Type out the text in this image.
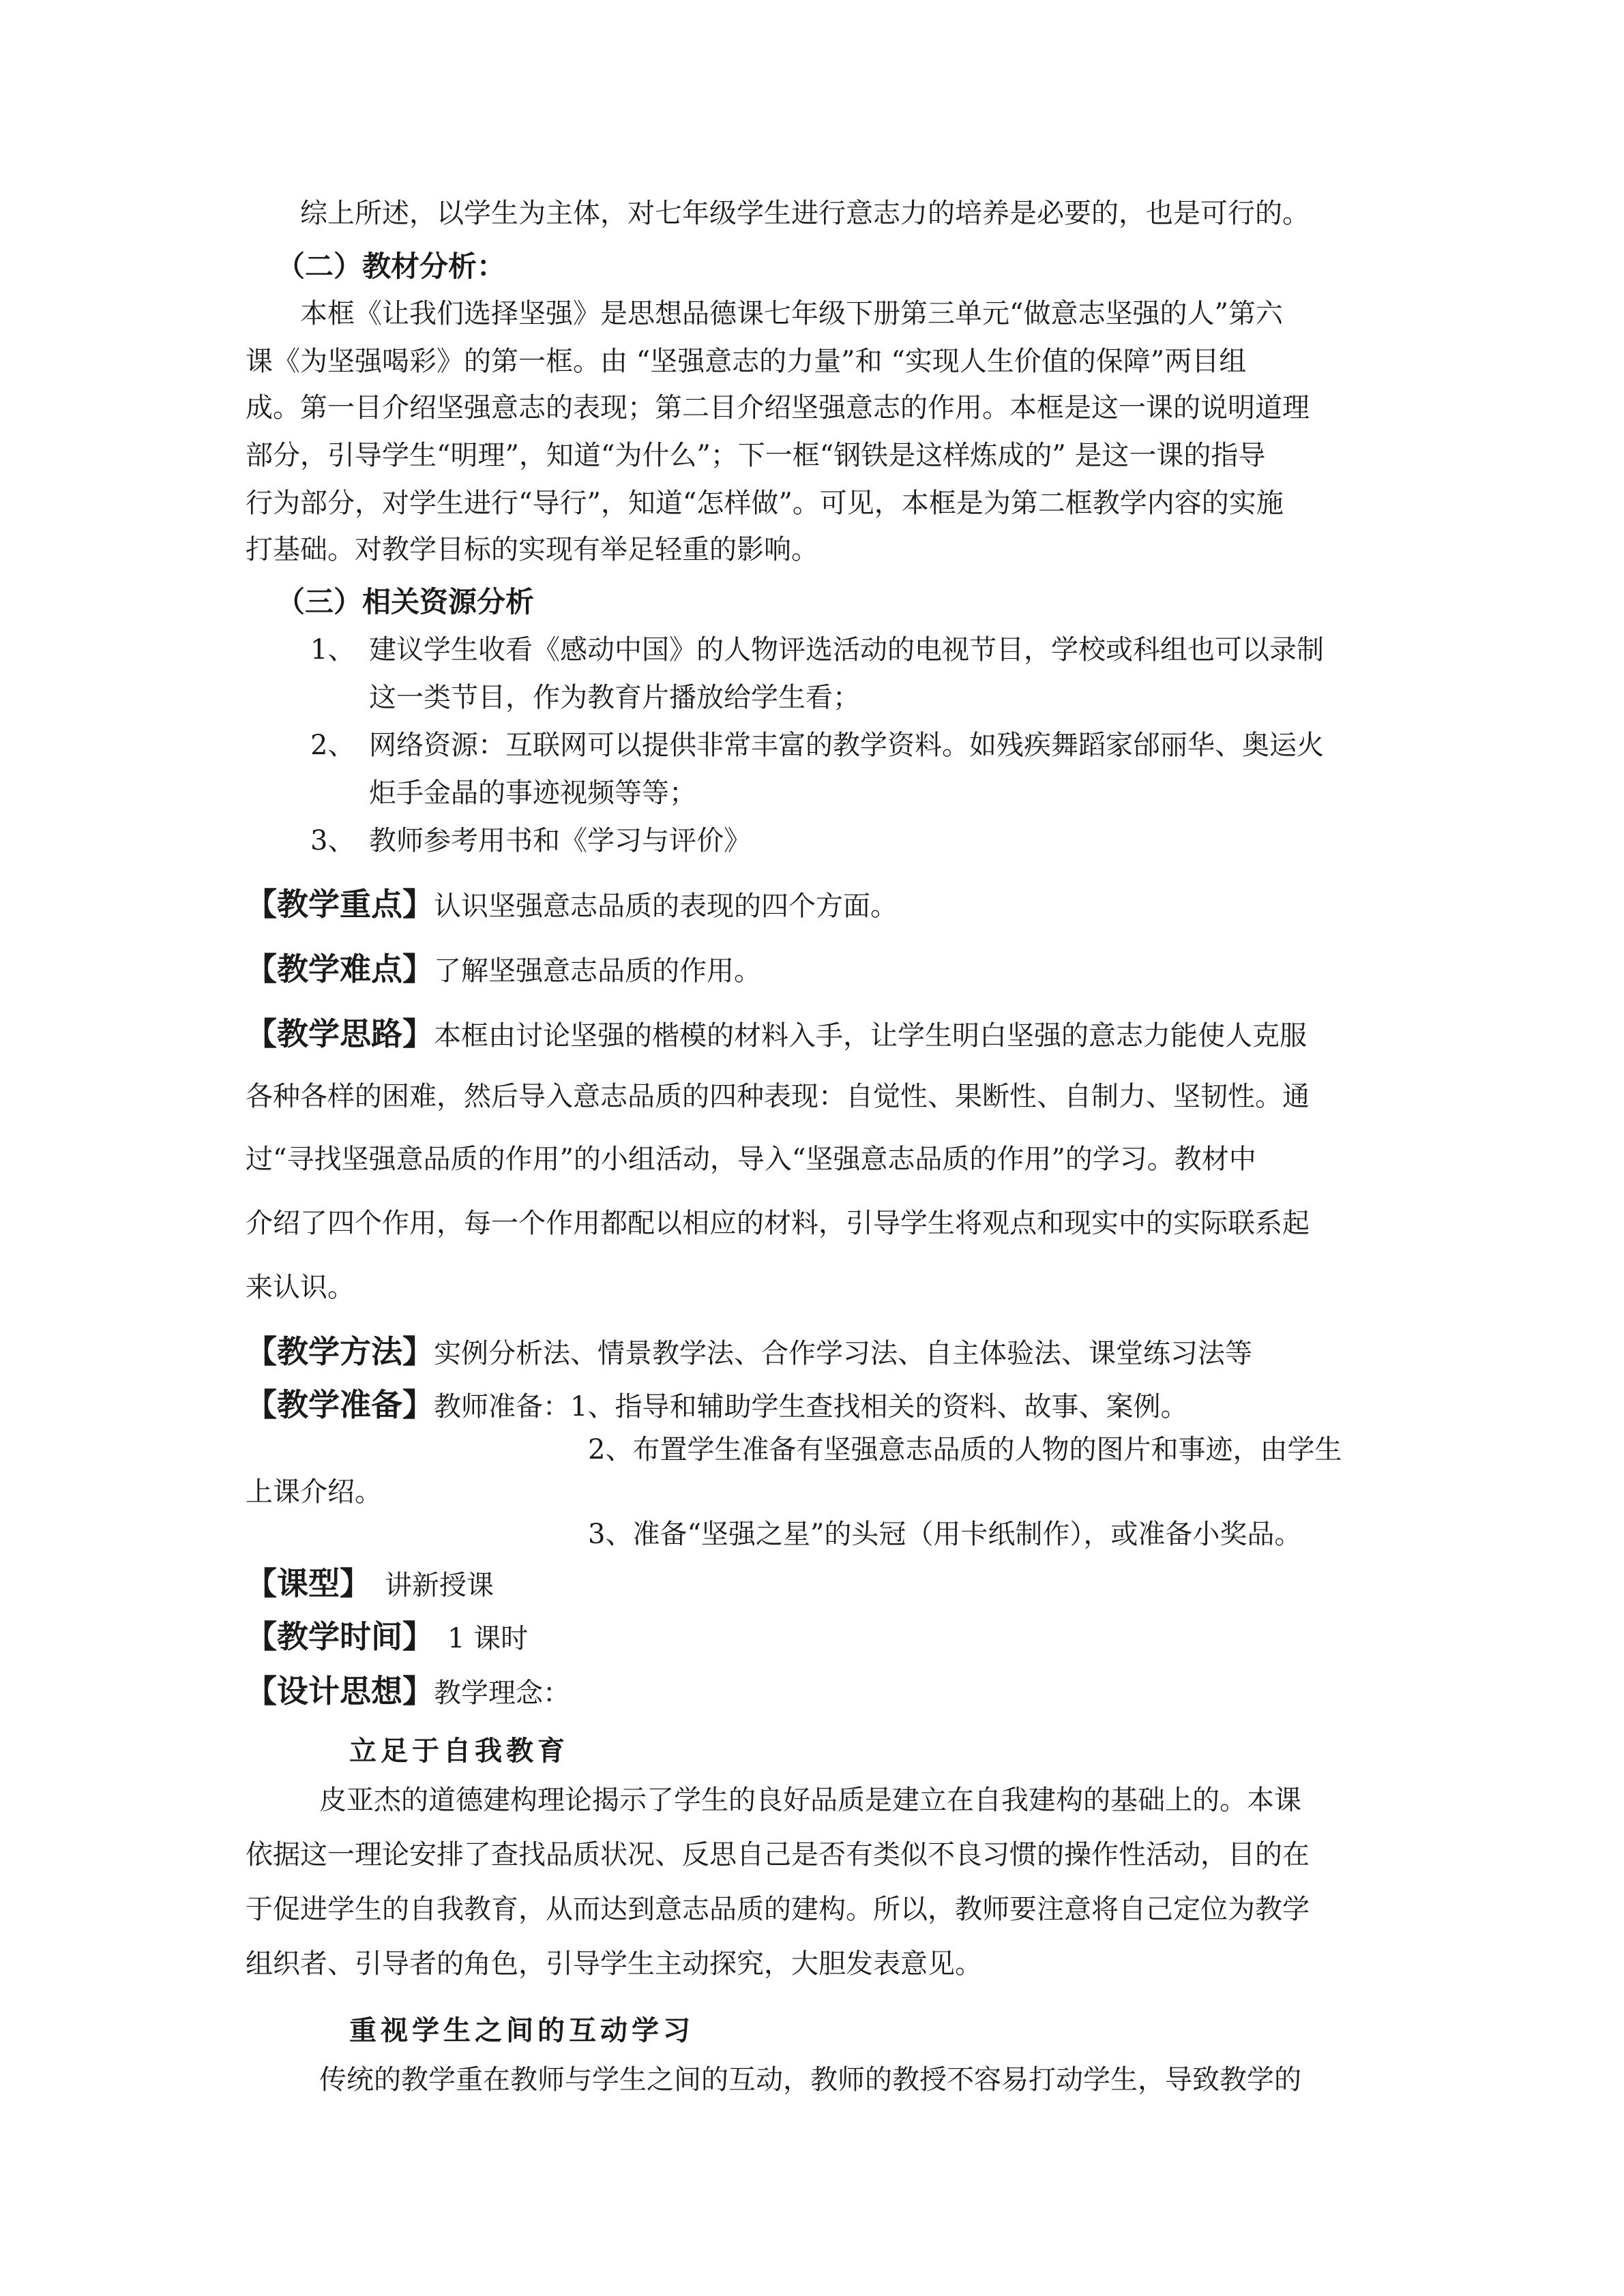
综上所述，以学生为主体，对七年级学生进行意志力的培养是必要的，也是可行的。

（二）教材分析：

本框《让我们选择坚强》是思想品德课七年级下册第三单元“做意志坚强的人”第六

课《为坚强喝彩》的第一框。由 “坚强意志的力量”和 “实现人生价值的保障”两目组

成。第一目介绍坚强意志的表现；第二目介绍坚强意志的作用。本框是这一课的说明道理

部分，引导学生“明理”，知道“为什么”；下一框“钢铁是这样炼成的” 是这一课的指导

行为部分，对学生进行“导行”，知道“怎样做”。可见，本框是为第二框教学内容的实施

打基础。对教学目标的实现有举足轻重的影响。

（三）相关资源分析

1、 建议学生收看《感动中国》的人物评选活动的电视节目，学校或科组也可以录制

这一类节目，作为教育片播放给学生看；

2、 网络资源：互联网可以提供非常丰富的教学资料。如残疾舞蹈家邰丽华、奥运火

炬手金晶的事迹视频等等；

3、 教师参考用书和《学习与评价》

【教学重点】认识坚强意志品质的表现的四个方面。

【教学难点】了解坚强意志品质的作用。

【教学思路】本框由讨论坚强的楷模的材料入手，让学生明白坚强的意志力能使人克服

各种各样的困难，然后导入意志品质的四种表现：自觉性、果断性、自制力、坚韧性。通

过“寻找坚强意品质的作用”的小组活动，导入“坚强意志品质的作用”的学习。教材中

介绍了四个作用，每一个作用都配以相应的材料，引导学生将观点和现实中的实际联系起

来认识。

【教学方法】实例分析法、情景教学法、合作学习法、自主体验法、课堂练习法等

【教学准备】教师准备：1、指导和辅助学生查找相关的资料、故事、案例。

2、布置学生准备有坚强意志品质的人物的图片和事迹，由学生

上课介绍。

3、准备“坚强之星”的头冠（用卡纸制作），或准备小奖品。

【课型】 讲新授课

【教学时间】 1 课时

【设计思想】教学理念：

立足于自我教育

皮亚杰的道德建构理论揭示了学生的良好品质是建立在自我建构的基础上的。本课

依据这一理论安排了查找品质状况、反思自己是否有类似不良习惯的操作性活动，目的在

于促进学生的自我教育，从而达到意志品质的建构。所以，教师要注意将自己定位为教学

组织者、引导者的角色，引导学生主动探究，大胆发表意见。

重视学生之间的互动学习

传统的教学重在教师与学生之间的互动，教师的教授不容易打动学生，导致教学的
